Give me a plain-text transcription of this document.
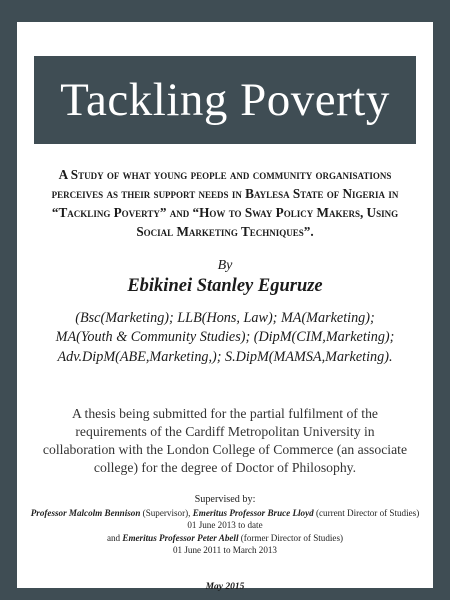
Tackling Poverty
A Study of what young people and community organisations perceives as their support needs in Baylesa State of Nigeria in “Tackling Poverty” and “How to Sway Policy Makers, Using Social Marketing Techniques”.
By
Ebikinei Stanley Eguruze
(Bsc(Marketing); LLB(Hons, Law); MA(Marketing);
MA(Youth & Community Studies); (DipM(CIM,Marketing);
Adv.DipM(ABE,Marketing,); S.DipM(MAMSA,Marketing).
A thesis being submitted for the partial fulfilment of the requirements of the Cardiff Metropolitan University in collaboration with the London College of Commerce (an associate college) for the degree of Doctor of Philosophy.
Supervised by:
Professor Malcolm Bennison (Supervisor), Emeritus Professor Bruce Lloyd (current Director of Studies)
01 June 2013 to date
and Emeritus Professor Peter Abell (former Director of Studies)
01 June 2011 to March 2013
May 2015
